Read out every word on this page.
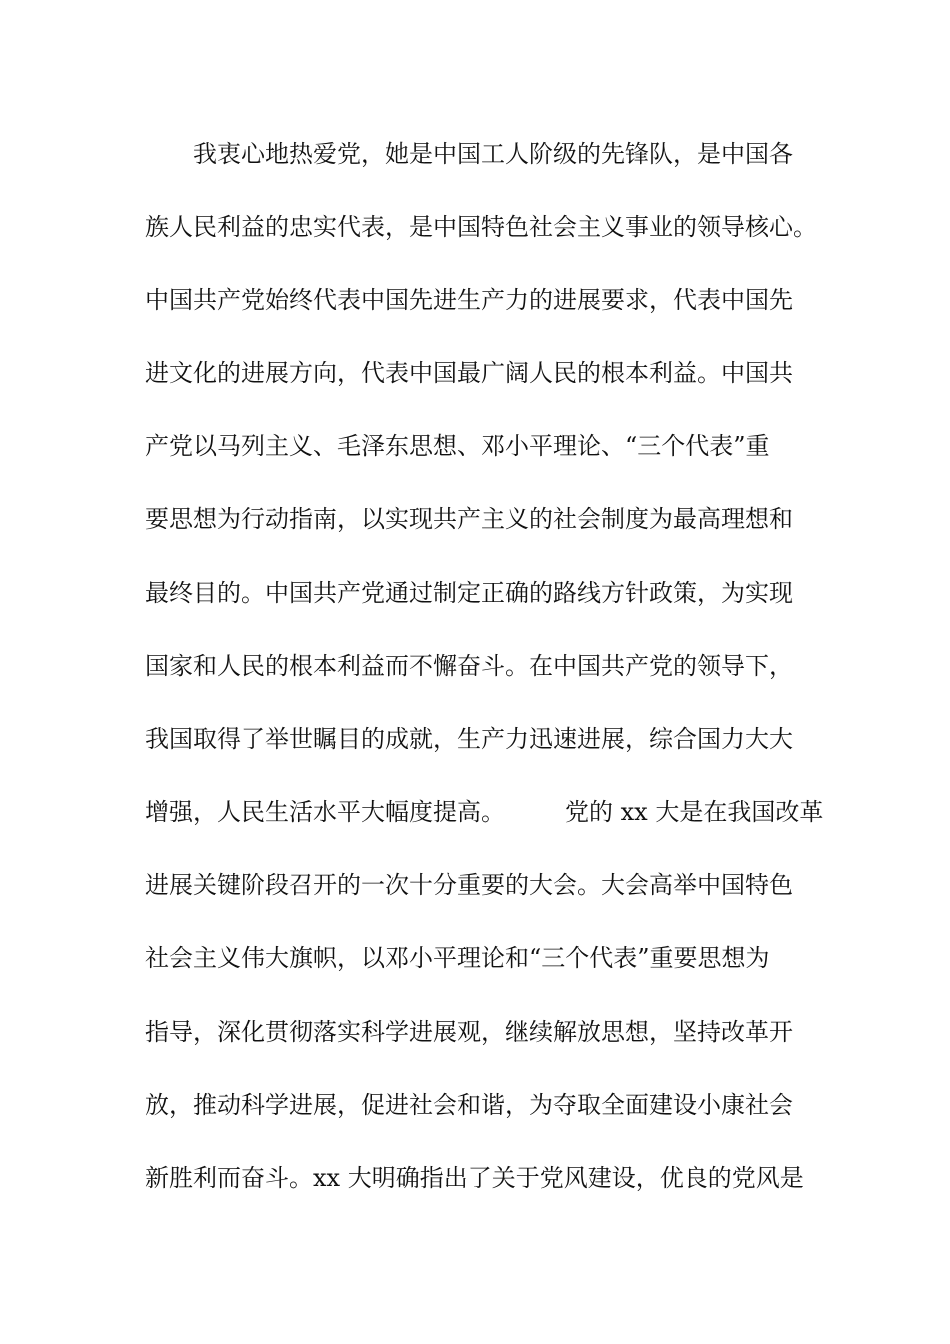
我衷心地热爱党，她是中国工人阶级的先锋队，是中国各

族人民利益的忠实代表，是中国特色社会主义事业的领导核心。

中国共产党始终代表中国先进生产力的进展要求，代表中国先

进文化的进展方向，代表中国最广阔人民的根本利益。中国共

产党以马列主义、毛泽东思想、邓小平理论、“三个代表”重

要思想为行动指南，以实现共产主义的社会制度为最高理想和

最终目的。中国共产党通过制定正确的路线方针政策，为实现

国家和人民的根本利益而不懈奋斗。在中国共产党的领导下，

我国取得了举世瞩目的成就，生产力迅速进展，综合国力大大

增强，人民生活水平大幅度提高。　　　党的 xx 大是在我国改革

进展关键阶段召开的一次十分重要的大会。大会高举中国特色

社会主义伟大旗帜，以邓小平理论和“三个代表”重要思想为

指导，深化贯彻落实科学进展观，继续解放思想，坚持改革开

放，推动科学进展，促进社会和谐，为夺取全面建设小康社会

新胜利而奋斗。xx 大明确指出了关于党风建设，优良的党风是
